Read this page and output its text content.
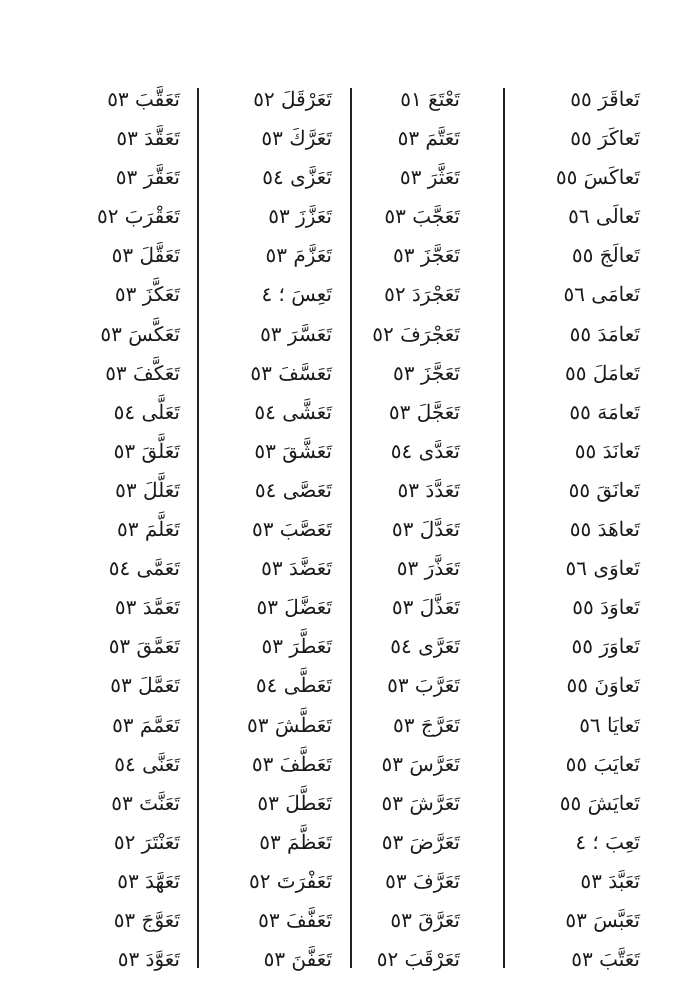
تَعاقَرَ ٥٥
تَعاكَرَ ٥٥
تَعاكَسَ ٥٥
تَعالَى ٥٦
تَعالَجَ ٥٥
تَعامَى ٥٦
تَعامَدَ ٥٥
تَعامَلَ ٥٥
تَعامَهَ ٥٥
تَعانَدَ ٥٥
تَعانَقَ ٥٥
تَعاهَدَ ٥٥
تَعاوَى ٥٦
تَعاوَدَ ٥٥
تَعاوَرَ ٥٥
تَعاوَنَ ٥٥
تَعايَا ٥٦
تَعايَبَ ٥٥
تَعايَشَ ٥٥
تَعِبَ ؛ ٤
تَعَبَّدَ ٥٣
تَعَبَّسَ ٥٣
تَعَتَّبَ ٥٣
تَعْتَعَ ٥١
تَعَتَّمَ ٥٣
تَعَثَّرَ ٥٣
تَعَجَّبَ ٥٣
تَعَجَّزَ ٥٣
تَعَجْرَدَ ٥٢
تَعَجْرَفَ ٥٢
تَعَجَّزَ ٥٣
تَعَجَّلَ ٥٣
تَعَدَّى ٥٤
تَعَدَّدَ ٥٣
تَعَدَّلَ ٥٣
تَعَذَّرَ ٥٣
تَعَذَّلَ ٥٣
تَعَرَّى ٥٤
تَعَرَّبَ ٥٣
تَعَرَّجَ ٥٣
تَعَرَّسَ ٥٣
تَعَرَّشَ ٥٣
تَعَرَّضَ ٥٣
تَعَرَّفَ ٥٣
تَعَرَّقَ ٥٣
تَعَرْقَبَ ٥٢
تَعَرْقَلَ ٥٢
تَعَرَّكَ ٥٣
تَعَزَّى ٥٤
تَعَزَّزَ ٥٣
تَعَزَّمَ ٥٣
تَعِسَ ؛ ٤
تَعَسَّرَ ٥٣
تَعَسَّفَ ٥٣
تَعَشَّى ٥٤
تَعَشَّقَ ٥٣
تَعَصَّى ٥٤
تَعَصَّبَ ٥٣
تَعَضَّدَ ٥٣
تَعَضَّلَ ٥٣
تَعَطَّرَ ٥٣
تَعَطَّى ٥٤
تَعَطَّشَ ٥٣
تَعَطَّفَ ٥٣
تَعَطَّلَ ٥٣
تَعَظَّمَ ٥٣
تَعَفْرَتَ ٥٢
تَعَفَّفَ ٥٣
تَعَفَّنَ ٥٣
تَعَقَّبَ ٥٣
تَعَقَّدَ ٥٣
تَعَقَّرَ ٥٣
تَعَقْرَبَ ٥٢
تَعَقَّلَ ٥٣
تَعَكَّزَ ٥٣
تَعَكَّسَ ٥٣
تَعَكَّفَ ٥٣
تَعَلَّى ٥٤
تَعَلَّقَ ٥٣
تَعَلَّلَ ٥٣
تَعَلَّمَ ٥٣
تَعَمَّى ٥٤
تَعَمَّدَ ٥٣
تَعَمَّقَ ٥٣
تَعَمَّلَ ٥٣
تَعَمَّمَ ٥٣
تَعَنَّى ٥٤
تَعَنَّتَ ٥٣
تَعَنْتَرَ ٥٢
تَعَهَّدَ ٥٣
تَعَوَّجَ ٥٣
تَعَوَّدَ ٥٣
